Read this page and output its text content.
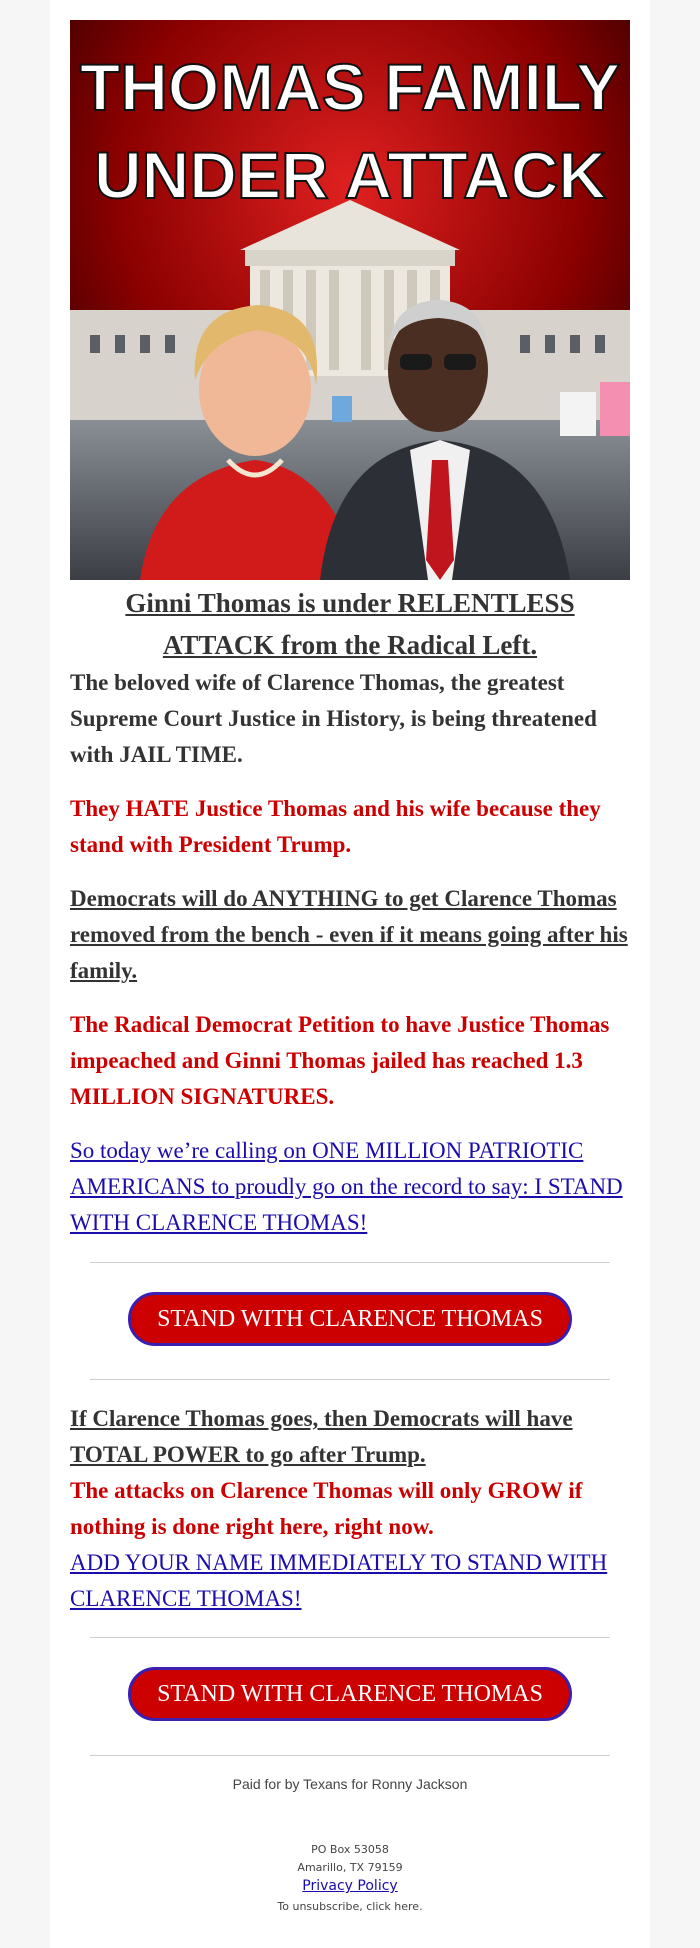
THOMAS FAMILY
UNDER ATTACK
Ginni Thomas is under RELENTLESS ATTACK from the Radical Left.
The beloved wife of Clarence Thomas, the greatest Supreme Court Justice in History, is being threatened with JAIL TIME.
They HATE Justice Thomas and his wife because they stand with President Trump.
Democrats will do ANYTHING to get Clarence Thomas removed from the bench - even if it means going after his family.
The Radical Democrat Petition to have Justice Thomas impeached and Ginni Thomas jailed has reached 1.3 MILLION SIGNATURES.
So today we’re calling on ONE MILLION PATRIOTIC AMERICANS to proudly go on the record to say: I STAND WITH CLARENCE THOMAS!
STAND WITH CLARENCE THOMAS
If Clarence Thomas goes, then Democrats will have TOTAL POWER to go after Trump.
The attacks on Clarence Thomas will only GROW if nothing is done right here, right now.
ADD YOUR NAME IMMEDIATELY TO STAND WITH CLARENCE THOMAS!
STAND WITH CLARENCE THOMAS
Paid for by Texans for Ronny Jackson
PO Box 53058
Amarillo, TX 79159
Privacy Policy
To unsubscribe, click here.
